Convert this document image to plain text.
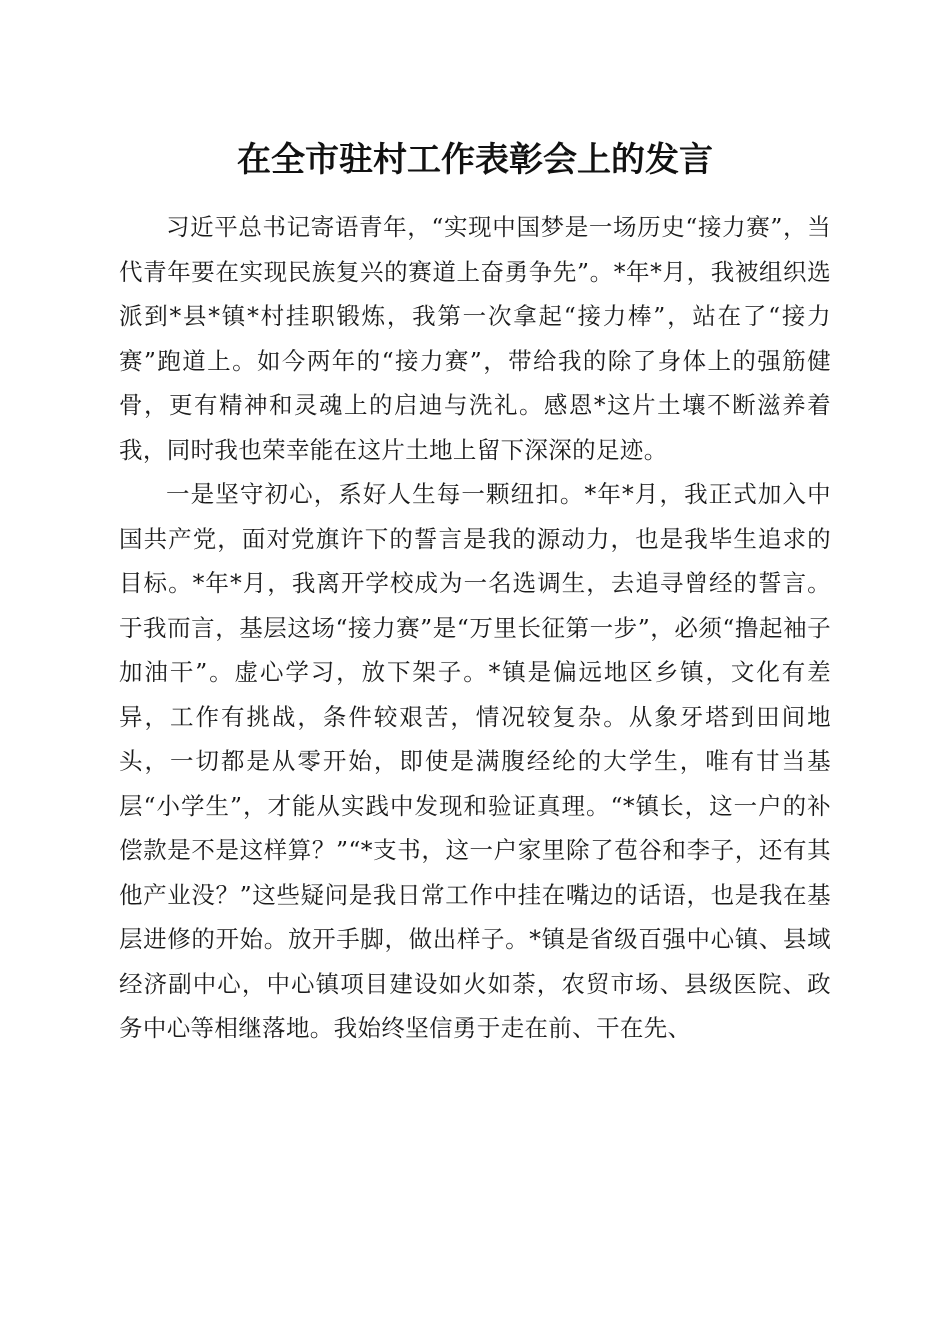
在全市驻村工作表彰会上的发言

习近平总书记寄语青年，“实现中国梦是一场历史“接力赛”，当代青年要在实现民族复兴的赛道上奋勇争先”。*年*月，我被组织选派到*县*镇*村挂职锻炼，我第一次拿起“接力棒”，站在了“接力赛”跑道上。如今两年的“接力赛”，带给我的除了身体上的强筋健骨，更有精神和灵魂上的启迪与洗礼。感恩*这片土壤不断滋养着我，同时我也荣幸能在这片土地上留下深深的足迹。

一是坚守初心，系好人生每一颗纽扣。*年*月，我正式加入中国共产党，面对党旗许下的誓言是我的源动力，也是我毕生追求的目标。*年*月，我离开学校成为一名选调生，去追寻曾经的誓言。于我而言，基层这场“接力赛”是“万里长征第一步”，必须“撸起袖子加油干”。虚心学习，放下架子。*镇是偏远地区乡镇，文化有差异，工作有挑战，条件较艰苦，情况较复杂。从象牙塔到田间地头，一切都是从零开始，即使是满腹经纶的大学生，唯有甘当基层“小学生”，才能从实践中发现和验证真理。“*镇长，这一户的补偿款是不是这样算？”“*支书，这一户家里除了苞谷和李子，还有其他产业没？”这些疑问是我日常工作中挂在嘴边的话语，也是我在基层进修的开始。放开手脚，做出样子。*镇是省级百强中心镇、县域经济副中心，中心镇项目建设如火如荼，农贸市场、县级医院、政务中心等相继落地。我始终坚信勇于走在前、干在先、
